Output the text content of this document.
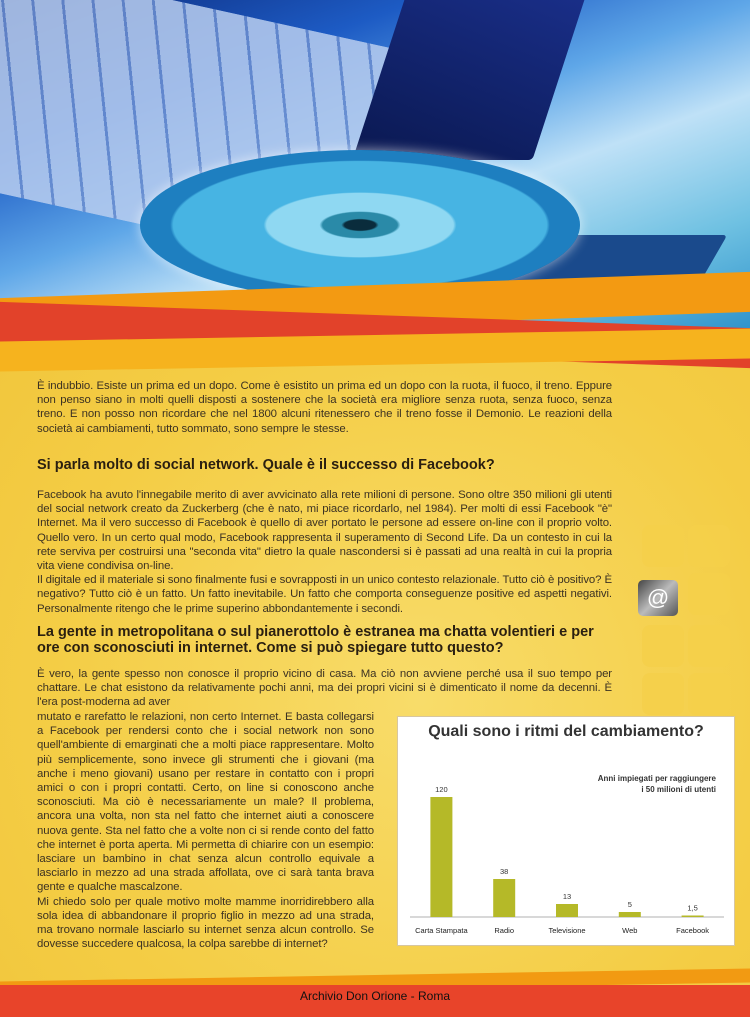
È indubbio. Esiste un prima ed un dopo. Come è esistito un prima ed un dopo con la ruota, il fuoco, il treno. Eppure non penso siano in molti quelli disposti a sostenere che la società era migliore senza ruota, senza fuoco, senza treno. E non posso non ricordare che nel 1800 alcuni ritenessero che il treno fosse il Demonio. Le reazioni della società ai cambiamenti, tutto sommato, sono sempre le stesse.
Si parla molto di social network. Quale è il successo di Facebook?
Facebook ha avuto l'innegabile merito di aver avvicinato alla rete milioni di persone. Sono oltre 350 milioni gli utenti del social network creato da Zuckerberg (che è nato, mi piace ricordarlo, nel 1984). Per molti di essi Facebook "è" Internet. Ma il vero successo di Facebook è quello di aver portato le persone ad essere on-line con il proprio volto. Quello vero. In un certo qual modo, Facebook rappresenta il superamento di Second Life. Da un contesto in cui la rete serviva per costruirsi una "seconda vita" dietro la quale nascondersi si è passati ad una realtà in cui la propria vita viene condivisa on-line.
Il digitale ed il materiale si sono finalmente fusi e sovrapposti in un unico contesto relazionale. Tutto ciò è positivo? È negativo? Tutto ciò è un fatto. Un fatto inevitabile. Un fatto che comporta conseguenze positive ed aspetti negativi. Personalmente ritengo che le prime superino abbondantemente i secondi.
La gente in metropolitana o sul pianerottolo è estranea ma chatta volentieri e per ore con sconosciuti in internet. Come si può spiegare tutto questo?
È vero, la gente spesso non conosce il proprio vicino di casa. Ma ciò non avviene perché usa il suo tempo per chattare. Le chat esistono da relativamente pochi anni, ma dei propri vicini si è dimenticato il nome da decenni. È l'era post-moderna ad aver
mutato e rarefatto le relazioni, non certo Internet. E basta collegarsi a Facebook per rendersi conto che i social network non sono quell'ambiente di emarginati che a molti piace rappresentare. Molto più semplicemente, sono invece gli strumenti che i giovani (ma anche i meno giovani) usano per restare in contatto con i propri amici o con i propri contatti. Certo, on line si conoscono anche sconosciuti. Ma ciò è necessariamente un male? Il problema, ancora una volta, non sta nel fatto che internet aiuti a conoscere nuova gente. Sta nel fatto che a volte non ci si rende conto del fatto che internet è porta aperta. Mi permetta di chiarire con un esempio: lasciare un bambino in chat senza alcun controllo equivale a lasciarlo in mezzo ad una strada affollata, ove ci sarà tanta brava gente e qualche mascalzone.
Mi chiedo solo per quale motivo molte mamme inorridirebbero alla sola idea di abbandonare il proprio figlio in mezzo ad una strada, ma trovano normale lasciarlo su internet senza alcun controllo. Se dovesse succedere qualcosa, la colpa sarebbe di internet?
@
Quali sono i ritmi del cambiamento?
Anni impiegati per raggiungere
i 50 milioni di utenti
120
Carta Stampata
38
Radio
13
Televisione
5
Web
1,5
Facebook
Archivio Don Orione - Roma
